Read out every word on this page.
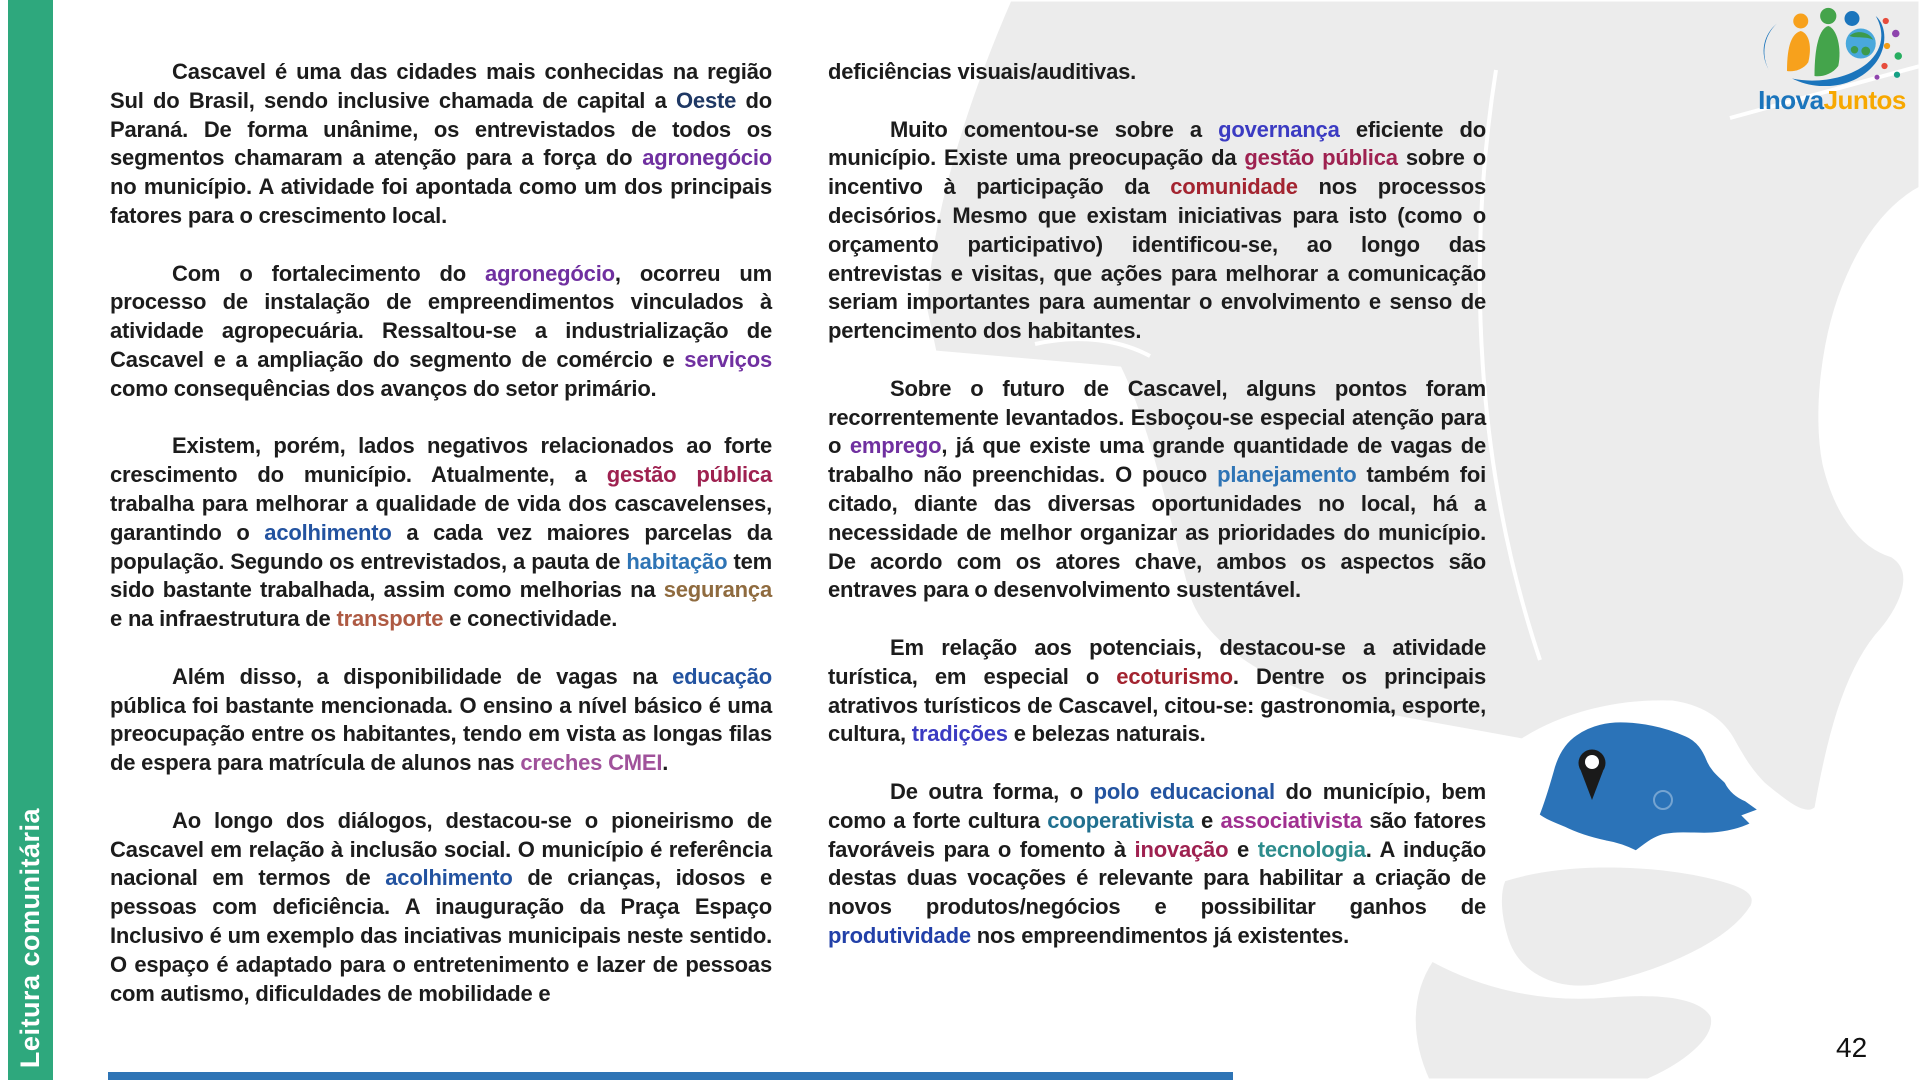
Leitura comunitária

Cascavel é uma das cidades mais conhecidas na região Sul do Brasil, sendo inclusive chamada de capital a Oeste do Paraná. De forma unânime, os entrevistados de todos os segmentos chamaram a atenção para a força do agronegócio no município. A atividade foi apontada como um dos principais fatores para o crescimento local.

Com o fortalecimento do agronegócio, ocorreu um processo de instalação de empreendimentos vinculados à atividade agropecuária. Ressaltou-se a industrialização de Cascavel e a ampliação do segmento de comércio e serviços como consequências dos avanços do setor primário.

Existem, porém, lados negativos relacionados ao forte crescimento do município. Atualmente, a gestão pública trabalha para melhorar a qualidade de vida dos cascavelenses, garantindo o acolhimento a cada vez maiores parcelas da população. Segundo os entrevistados, a pauta de habitação tem sido bastante trabalhada, assim como melhorias na segurança e na infraestrutura de transporte e conectividade.

Além disso, a disponibilidade de vagas na educação pública foi bastante mencionada. O ensino a nível básico é uma preocupação entre os habitantes, tendo em vista as longas filas de espera para matrícula de alunos nas creches CMEI.

Ao longo dos diálogos, destacou-se o pioneirismo de Cascavel em relação à inclusão social. O município é referência nacional em termos de acolhimento de crianças, idosos e pessoas com deficiência. A inauguração da Praça Espaço Inclusivo é um exemplo das inciativas municipais neste sentido. O espaço é adaptado para o entretenimento e lazer de pessoas com autismo, dificuldades de mobilidade e

deficiências visuais/auditivas.

Muito comentou-se sobre a governança eficiente do município. Existe uma preocupação da gestão pública sobre o incentivo à participação da comunidade nos processos decisórios. Mesmo que existam iniciativas para isto (como o orçamento participativo) identificou-se, ao longo das entrevistas e visitas, que ações para melhorar a comunicação seriam importantes para aumentar o envolvimento e senso de pertencimento dos habitantes.

Sobre o futuro de Cascavel, alguns pontos foram recorrentemente levantados. Esboçou-se especial atenção para o emprego, já que existe uma grande quantidade de vagas de trabalho não preenchidas. O pouco planejamento também foi citado, diante das diversas oportunidades no local, há a necessidade de melhor organizar as prioridades do município. De acordo com os atores chave, ambos os aspectos são entraves para o desenvolvimento sustentável.

Em relação aos potenciais, destacou-se a atividade turística, em especial o ecoturismo. Dentre os principais atrativos turísticos de Cascavel, citou-se: gastronomia, esporte, cultura, tradições e belezas naturais.

De outra forma, o polo educacional do município, bem como a forte cultura cooperativista e associativista são fatores favoráveis para o fomento à inovação e tecnologia. A indução destas duas vocações é relevante para habilitar a criação de novos produtos/negócios e possibilitar ganhos de produtividade nos empreendimentos já existentes.

InovaJuntos
42
